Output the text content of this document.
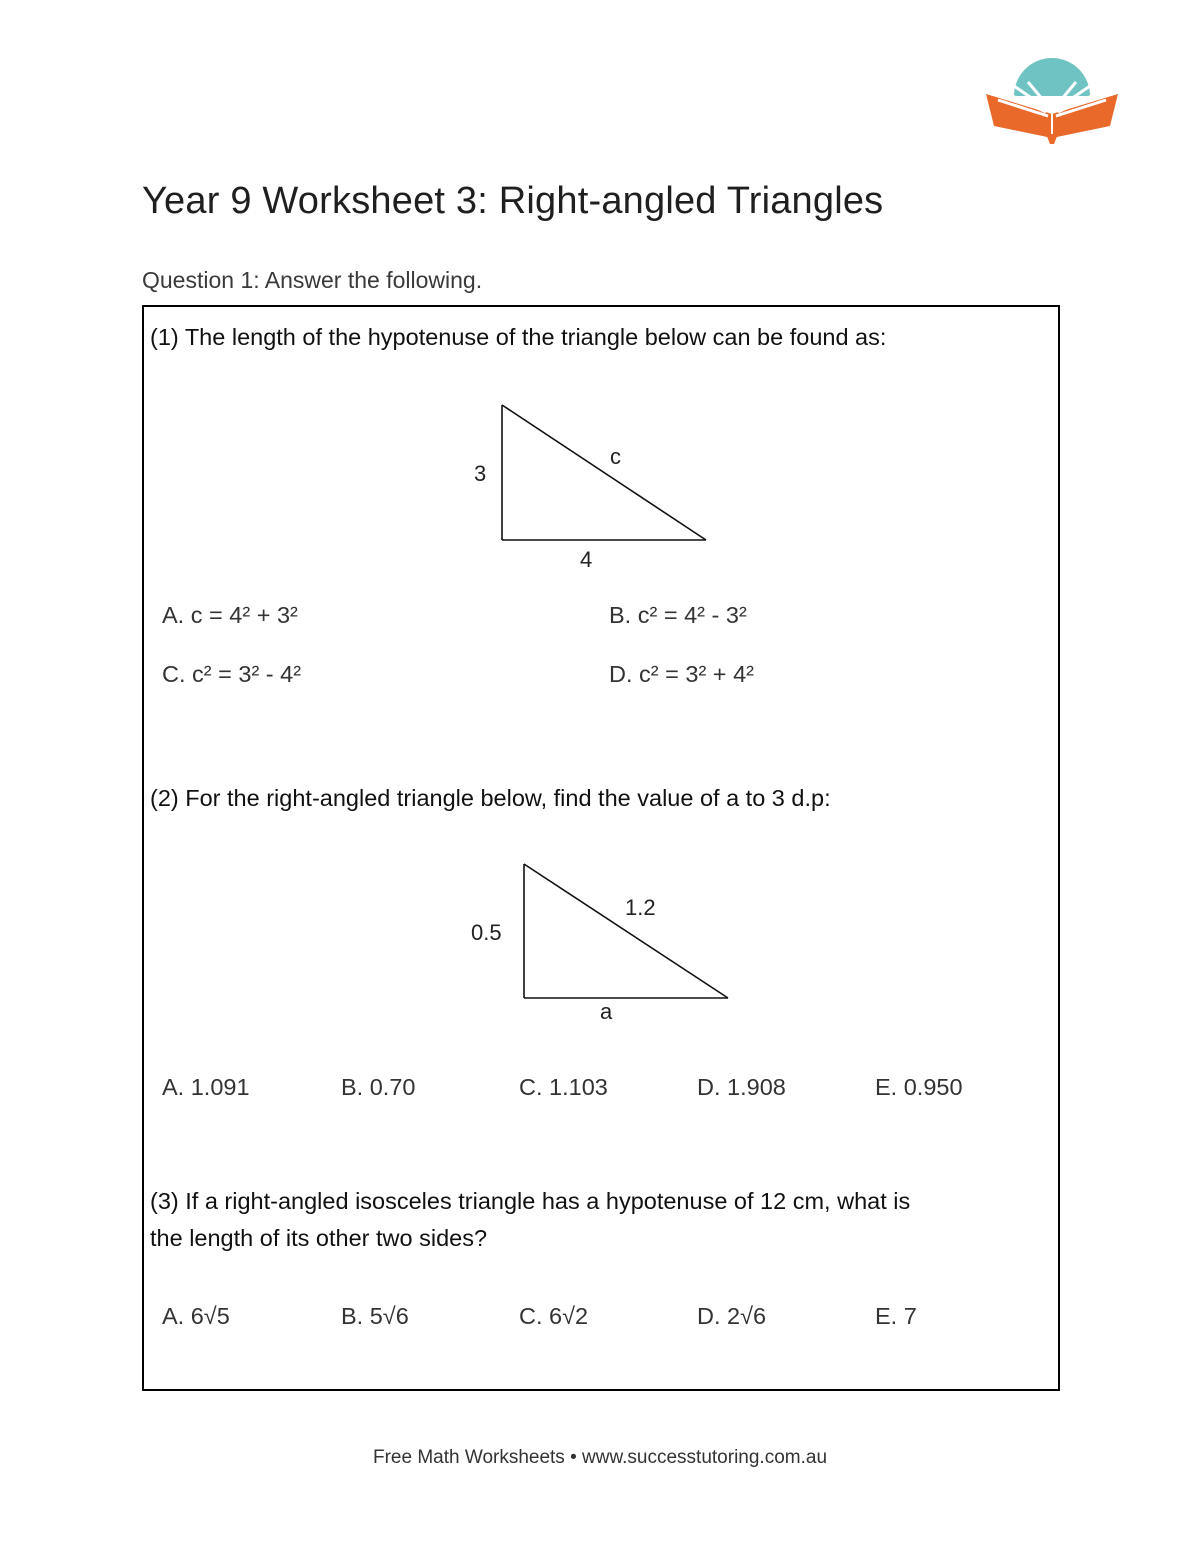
Year 9 Worksheet 3: Right-angled Triangles
Question 1: Answer the following.
(1) The length of the hypotenuse of the triangle below can be found as:
3
4
c
A. c = 4² + 3²	B. c² = 4² - 3²
C. c² = 3² - 4²	D. c² = 3² + 4²
(2) For the right-angled triangle below, find the value of a to 3 d.p:
0.5
a
1.2
A. 1.091	B. 0.70	C. 1.103	D. 1.908	E. 0.950
(3) If a right-angled isosceles triangle has a hypotenuse of 12 cm, what is
the length of its other two sides?
A. 6√5	B. 5√6	C. 6√2	D. 2√6	E. 7
Free Math Worksheets • www.successtutoring.com.au
